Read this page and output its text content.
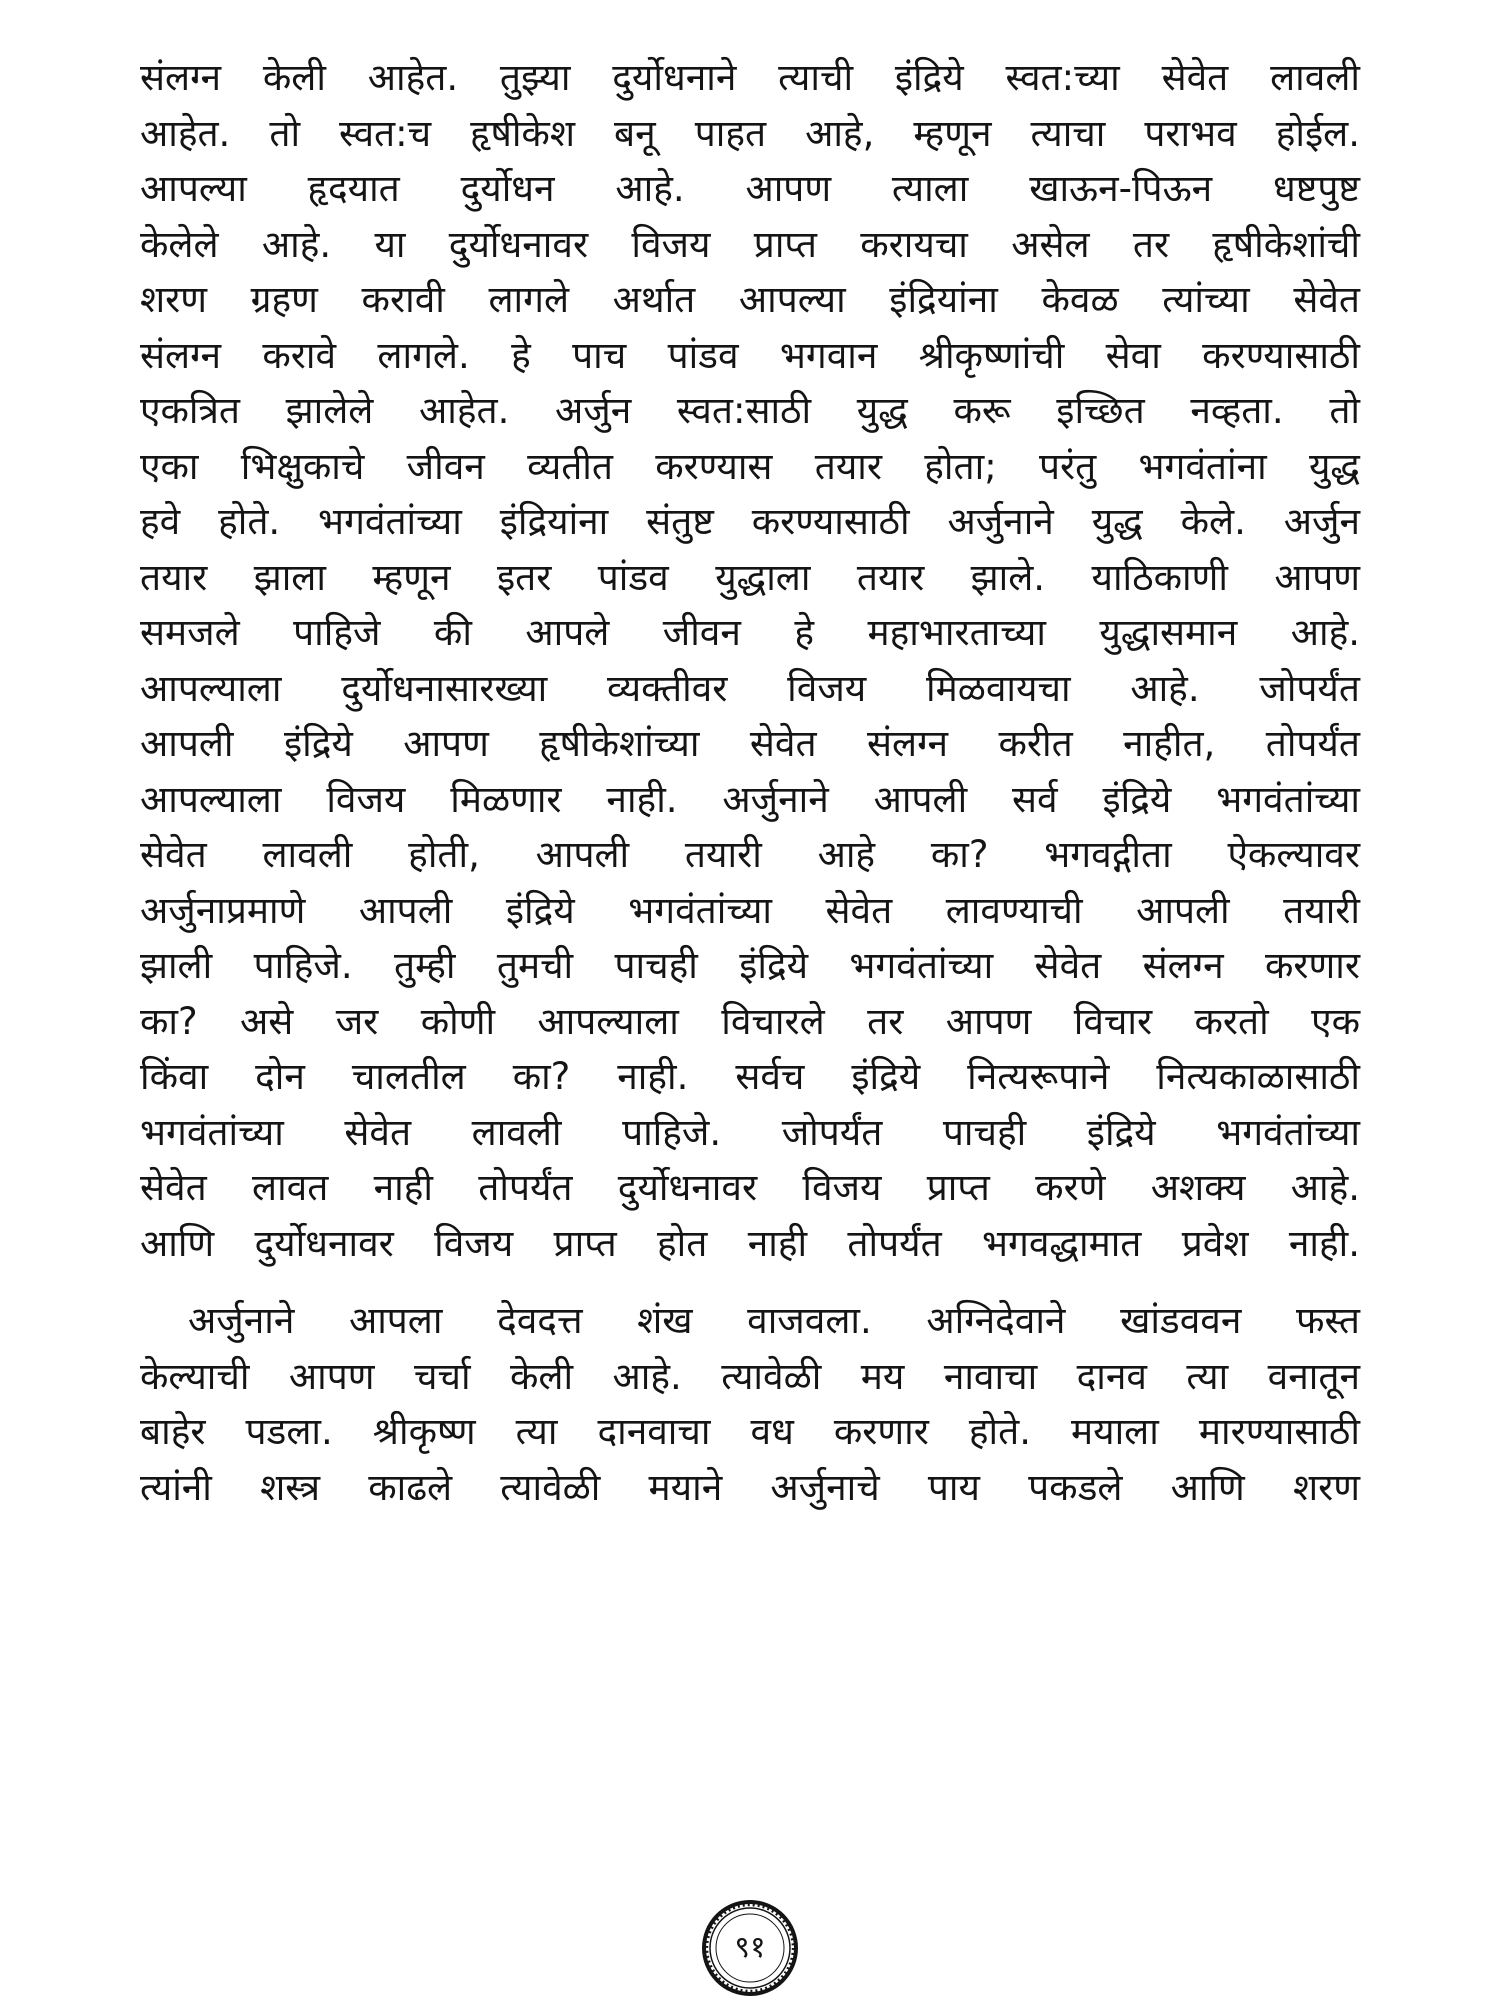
संलग्न केली आहेत. तुझ्या दुर्योधनाने त्याची इंद्रिये स्वत:च्या सेवेत लावली
आहेत. तो स्वत:च हृषीकेश बनू पाहत आहे, म्हणून त्याचा पराभव होईल.
आपल्या हृदयात दुर्योधन आहे. आपण त्याला खाऊन-पिऊन धष्टपुष्ट
केलेले आहे. या दुर्योधनावर विजय प्राप्त करायचा असेल तर हृषीकेशांची
शरण ग्रहण करावी लागले अर्थात आपल्या इंद्रियांना केवळ त्यांच्या सेवेत
संलग्न करावे लागले. हे पाच पांडव भगवान श्रीकृष्णांची सेवा करण्यासाठी
एकत्रित झालेले आहेत. अर्जुन स्वत:साठी युद्ध करू इच्छित नव्हता. तो
एका भिक्षुकाचे जीवन व्यतीत करण्यास तयार होता; परंतु भगवंतांना युद्ध
हवे होते. भगवंतांच्या इंद्रियांना संतुष्ट करण्यासाठी अर्जुनाने युद्ध केले. अर्जुन
तयार झाला म्हणून इतर पांडव युद्धाला तयार झाले. याठिकाणी आपण
समजले पाहिजे की आपले जीवन हे महाभारताच्या युद्धासमान आहे.
आपल्याला दुर्योधनासारख्या व्यक्तीवर विजय मिळवायचा आहे. जोपर्यंत
आपली इंद्रिये आपण हृषीकेशांच्या सेवेत संलग्न करीत नाहीत, तोपर्यंत
आपल्याला विजय मिळणार नाही. अर्जुनाने आपली सर्व इंद्रिये भगवंतांच्या
सेवेत लावली होती, आपली तयारी आहे का? भगवद्गीता ऐकल्यावर
अर्जुनाप्रमाणे आपली इंद्रिये भगवंतांच्या सेवेत लावण्याची आपली तयारी
झाली पाहिजे. तुम्ही तुमची पाचही इंद्रिये भगवंतांच्या सेवेत संलग्न करणार
का? असे जर कोणी आपल्याला विचारले तर आपण विचार करतो एक
किंवा दोन चालतील का? नाही. सर्वच इंद्रिये नित्यरूपाने नित्यकाळासाठी
भगवंतांच्या सेवेत लावली पाहिजे. जोपर्यंत पाचही इंद्रिये भगवंतांच्या
सेवेत लावत नाही तोपर्यंत दुर्योधनावर विजय प्राप्त करणे अशक्य आहे.
आणि दुर्योधनावर विजय प्राप्त होत नाही तोपर्यंत भगवद्धामात प्रवेश नाही.
अर्जुनाने आपला देवदत्त शंख वाजवला. अग्निदेवाने खांडववन फस्त
केल्याची आपण चर्चा केली आहे. त्यावेळी मय नावाचा दानव त्या वनातून
बाहेर पडला. श्रीकृष्ण त्या दानवाचा वध करणार होते. मयाला मारण्यासाठी
त्यांनी शस्त्र काढले त्यावेळी मयाने अर्जुनाचे पाय पकडले आणि शरण
९१
